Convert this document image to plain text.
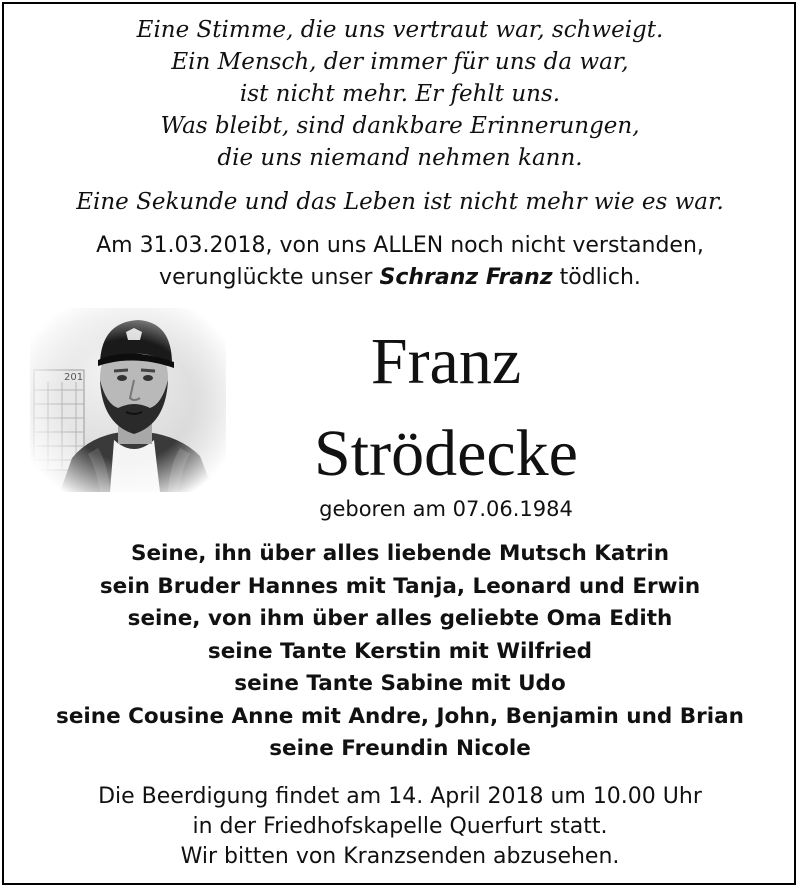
Eine Stimme, die uns vertraut war, schweigt.
Ein Mensch, der immer für uns da war,
ist nicht mehr. Er fehlt uns.
Was bleibt, sind dankbare Erinnerungen,
die uns niemand nehmen kann.
Eine Sekunde und das Leben ist nicht mehr wie es war.
Am 31.03.2018, von uns ALLEN noch nicht verstanden,
verunglückte unser Schranz Franz tödlich.
Franz
Strödecke
geboren am 07.06.1984
Seine, ihn über alles liebende Mutsch Katrin
sein Bruder Hannes mit Tanja, Leonard und Erwin
seine, von ihm über alles geliebte Oma Edith
seine Tante Kerstin mit Wilfried
seine Tante Sabine mit Udo
seine Cousine Anne mit Andre, John, Benjamin und Brian
seine Freundin Nicole
Die Beerdigung findet am 14. April 2018 um 10.00 Uhr
in der Friedhofskapelle Querfurt statt.
Wir bitten von Kranzsenden abzusehen.
